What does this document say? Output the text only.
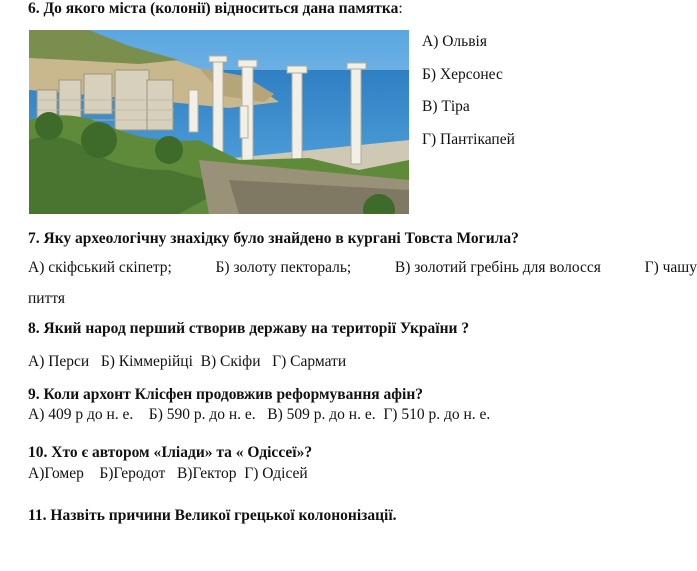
6. До якого міста (колонії) відноситься дана памятка:
А) Ольвія
Б) Херсонес
В) Тіра
Г) Пантікапей
7. Яку археологічну знахідку було знайдено в кургані Товста Могила?
А) скіфський скіпетр;	Б) золоту пектораль;	В) золотий гребінь для волосся	Г) чашу
пиття
8. Який народ перший створив державу на території України ?
А) Перси   Б) Кіммерійці  В) Скіфи   Г) Сармати
9. Коли архонт Клісфен продовжив реформування афін?
А) 409 р до н. е.    Б) 590 р. до н. е.   В) 509 р. до н. е.  Г) 510 р. до н. е.
10. Хто є автором «Іліади» та « Одіссеї»?
А)Гомер    Б)Геродот   В)Гектор  Г) Одісей
11. Назвіть причини Великої грецької колононізації.
